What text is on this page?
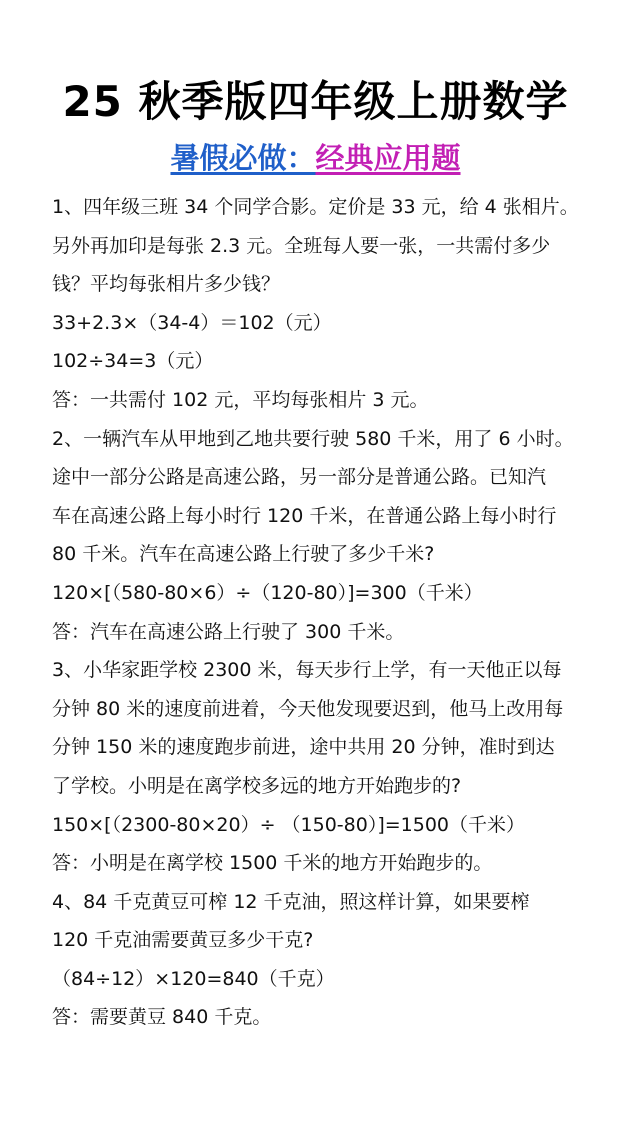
25 秋季版四年级上册数学
暑假必做：经典应用题
1、四年级三班 34 个同学合影。定价是 33 元，给 4 张相片。
另外再加印是每张 2.3 元。全班每人要一张，一共需付多少
钱？平均每张相片多少钱？
33+2.3×（34-4）＝102（元）
102÷34=3（元）
答：一共需付 102 元，平均每张相片 3 元。
2、一辆汽车从甲地到乙地共要行驶 580 千米，用了 6 小时。
途中一部分公路是高速公路，另一部分是普通公路。已知汽
车在高速公路上每小时行 120 千米，在普通公路上每小时行
80 千米。汽车在高速公路上行驶了多少千米?
120×[（580-80×6）÷（120-80）]=300（千米）
答：汽车在高速公路上行驶了 300 千米。
3、小华家距学校 2300 米，每天步行上学，有一天他正以每
分钟 80 米的速度前进着，今天他发现要迟到，他马上改用每
分钟 150 米的速度跑步前进，途中共用 20 分钟，准时到达
了学校。小明是在离学校多远的地方开始跑步的?
150×[（2300-80×20）÷ （150-80）]=1500（千米）
答：小明是在离学校 1500 千米的地方开始跑步的。
4、84 千克黄豆可榨 12 千克油，照这样计算，如果要榨
120 千克油需要黄豆多少干克?
（84÷12）×120=840（千克）
答：需要黄豆 840 千克。
